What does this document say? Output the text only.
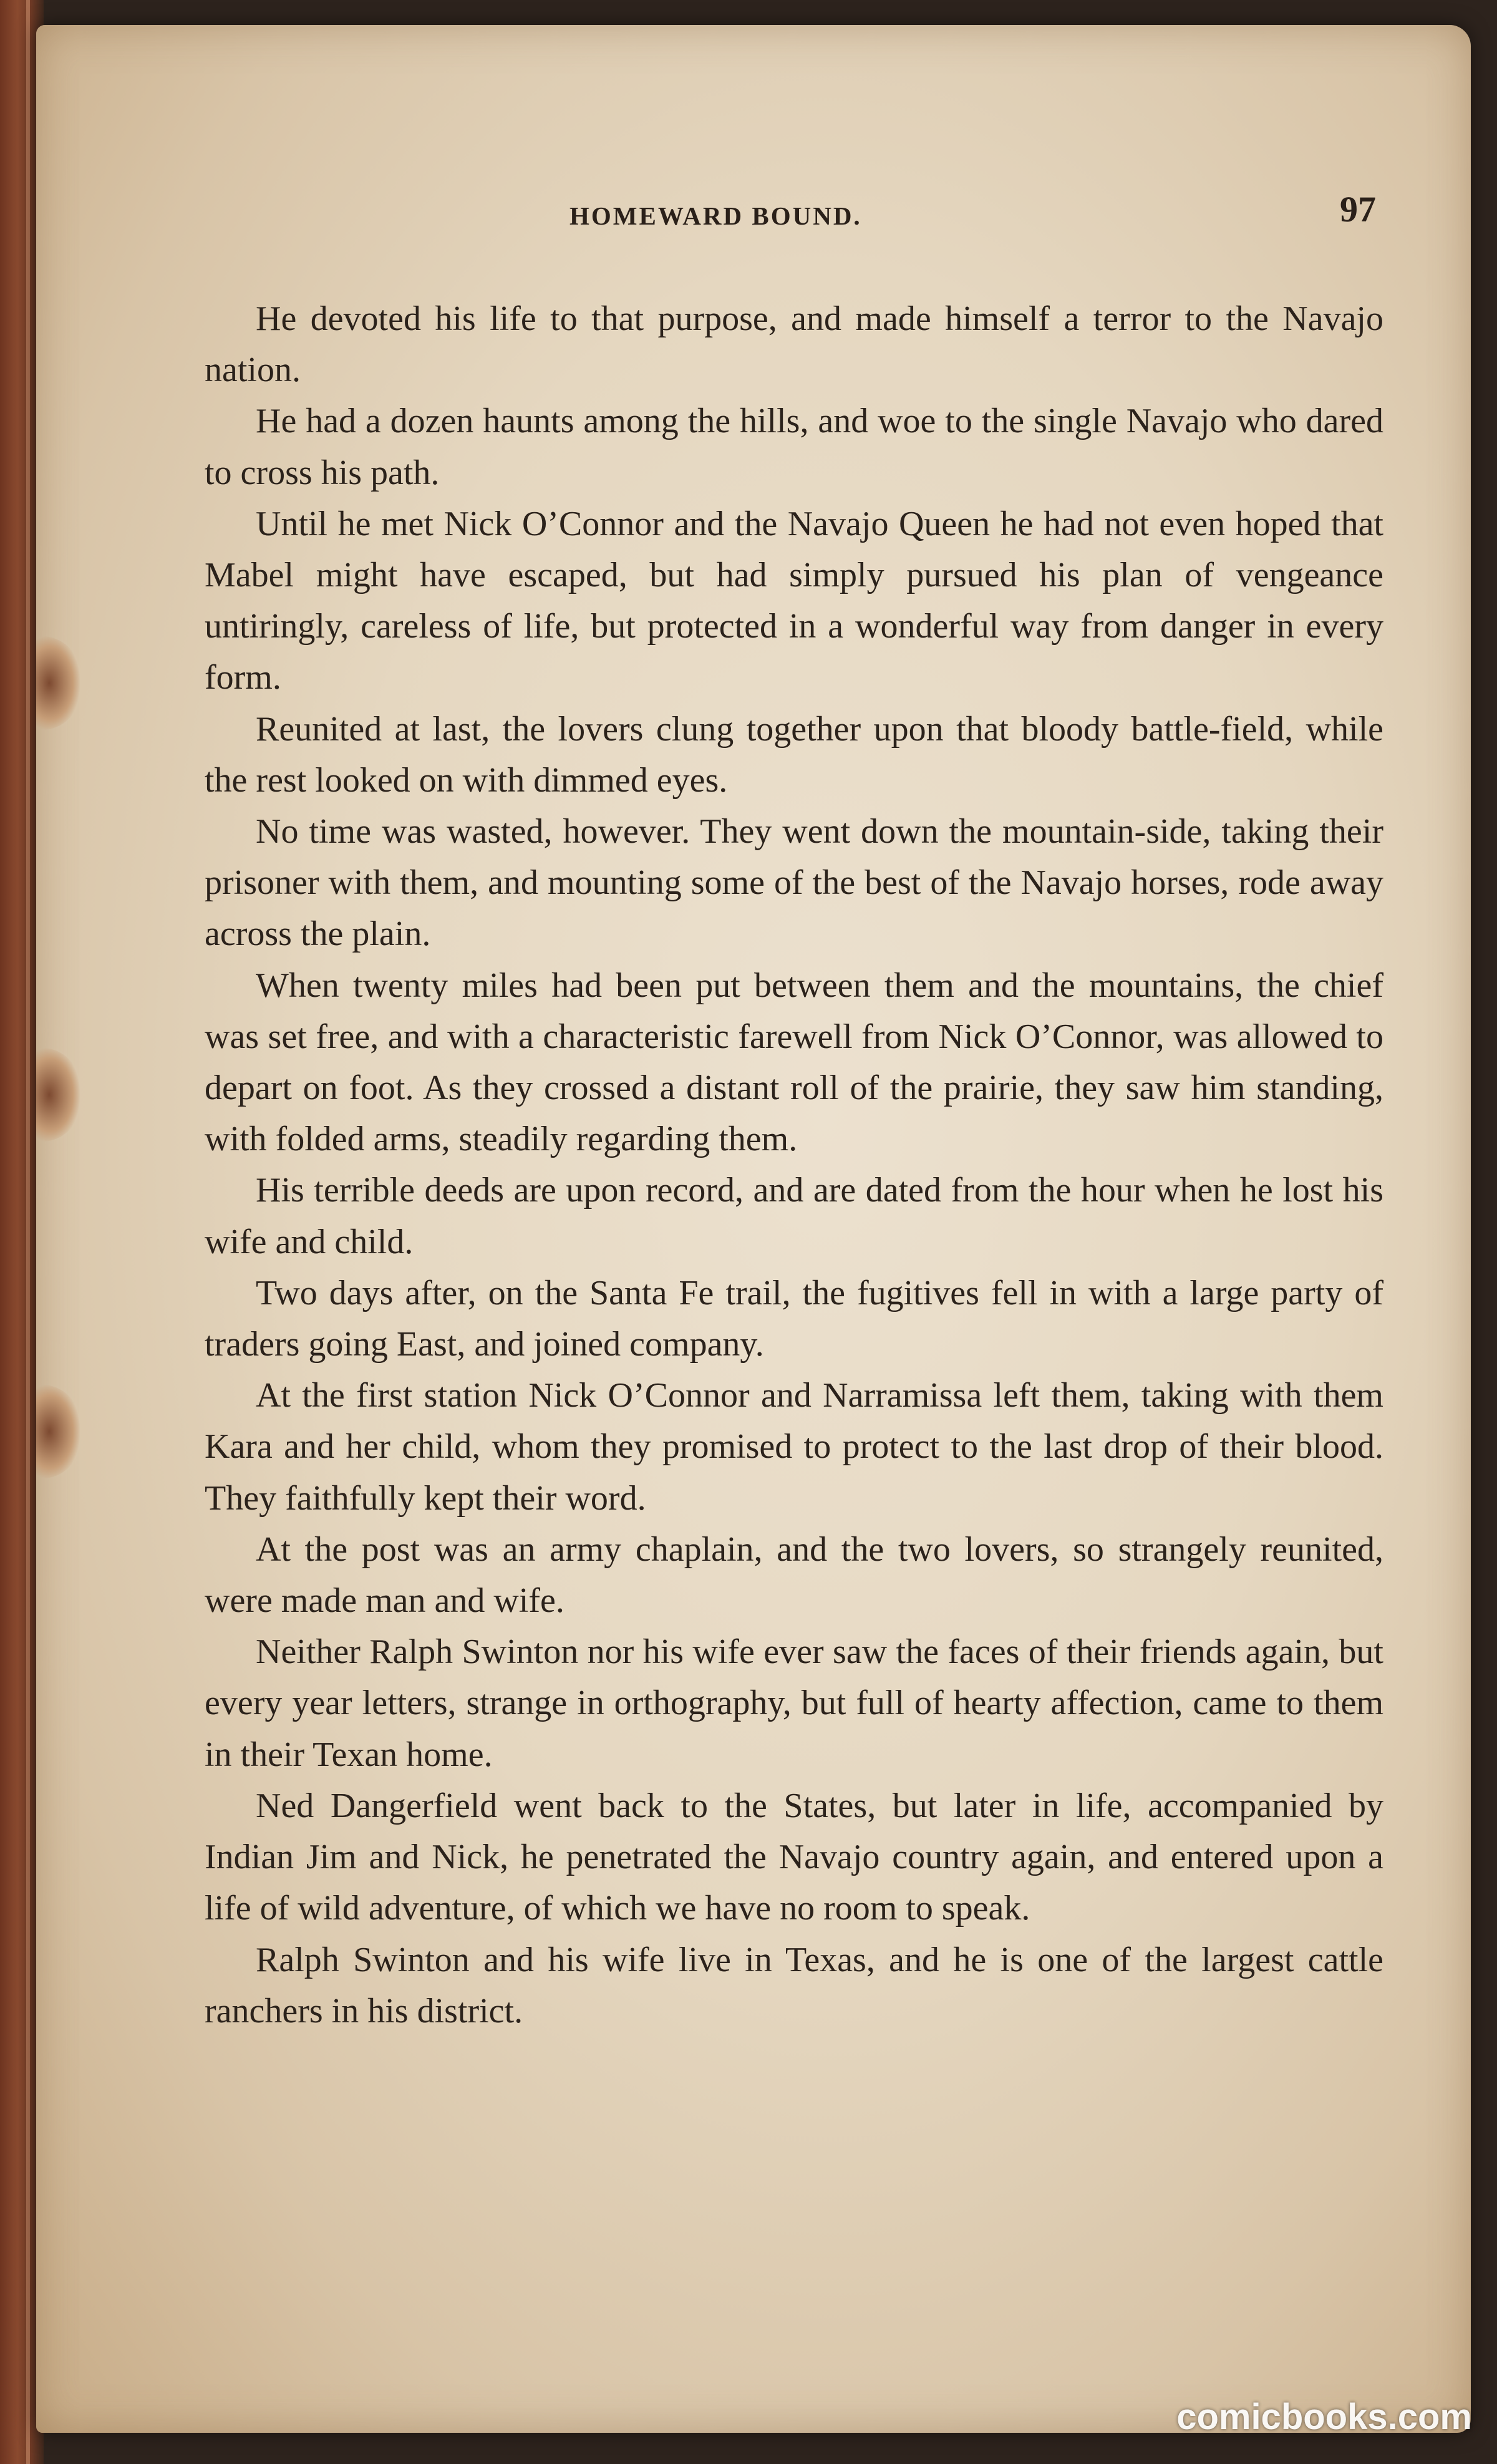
HOMEWARD BOUND.	97

He devoted his life to that purpose, and made himself a terror to the Navajo nation.

He had a dozen haunts among the hills, and woe to the single Navajo who dared to cross his path.

Until he met Nick O’Connor and the Navajo Queen he had not even hoped that Mabel might have escaped, but had simply pursued his plan of vengeance untiringly, careless of life, but protected in a wonderful way from danger in every form.

Reunited at last, the lovers clung together upon that bloody battle-field, while the rest looked on with dimmed eyes.

No time was wasted, however. They went down the mountain-side, taking their prisoner with them, and mounting some of the best of the Navajo horses, rode away across the plain.

When twenty miles had been put between them and the mountains, the chief was set free, and with a characteristic farewell from Nick O’Connor, was allowed to depart on foot. As they crossed a distant roll of the prairie, they saw him standing, with folded arms, steadily regarding them.

His terrible deeds are upon record, and are dated from the hour when he lost his wife and child.

Two days after, on the Santa Fe trail, the fugitives fell in with a large party of traders going East, and joined company.

At the first station Nick O’Connor and Narramissa left them, taking with them Kara and her child, whom they promised to protect to the last drop of their blood. They faithfully kept their word.

At the post was an army chaplain, and the two lovers, so strangely reunited, were made man and wife.

Neither Ralph Swinton nor his wife ever saw the faces of their friends again, but every year letters, strange in orthography, but full of hearty affection, came to them in their Texan home.

Ned Dangerfield went back to the States, but later in life, accompanied by Indian Jim and Nick, he penetrated the Navajo country again, and entered upon a life of wild adventure, of which we have no room to speak.

Ralph Swinton and his wife live in Texas, and he is one of the largest cattle ranchers in his district.

comicbooks.com
